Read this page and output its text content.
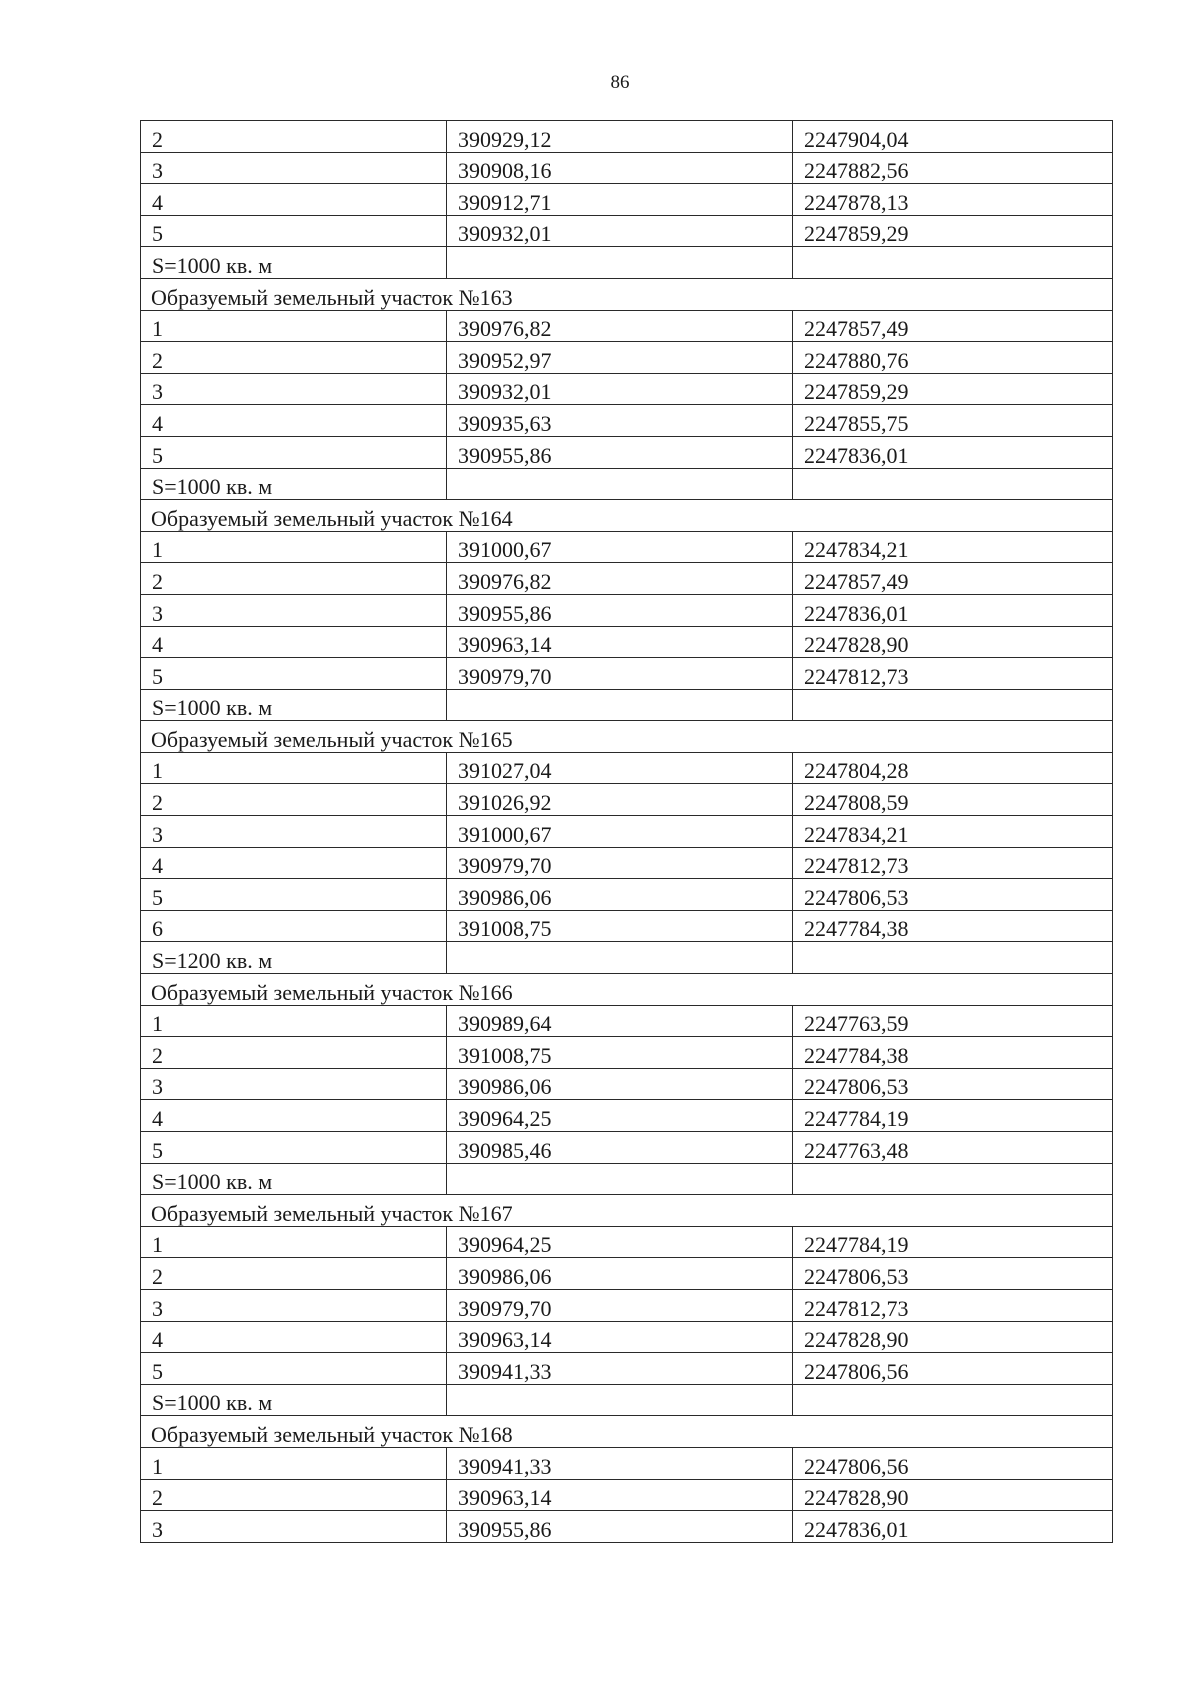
86
2	390929,12	2247904,04
3	390908,16	2247882,56
4	390912,71	2247878,13
5	390932,01	2247859,29
S=1000 кв. м		
Образуемый земельный участок №163		
1	390976,82	2247857,49
2	390952,97	2247880,76
3	390932,01	2247859,29
4	390935,63	2247855,75
5	390955,86	2247836,01
S=1000 кв. м		
Образуемый земельный участок №164		
1	391000,67	2247834,21
2	390976,82	2247857,49
3	390955,86	2247836,01
4	390963,14	2247828,90
5	390979,70	2247812,73
S=1000 кв. м		
Образуемый земельный участок №165		
1	391027,04	2247804,28
2	391026,92	2247808,59
3	391000,67	2247834,21
4	390979,70	2247812,73
5	390986,06	2247806,53
6	391008,75	2247784,38
S=1200 кв. м		
Образуемый земельный участок №166		
1	390989,64	2247763,59
2	391008,75	2247784,38
3	390986,06	2247806,53
4	390964,25	2247784,19
5	390985,46	2247763,48
S=1000 кв. м		
Образуемый земельный участок №167		
1	390964,25	2247784,19
2	390986,06	2247806,53
3	390979,70	2247812,73
4	390963,14	2247828,90
5	390941,33	2247806,56
S=1000 кв. м		
Образуемый земельный участок №168		
1	390941,33	2247806,56
2	390963,14	2247828,90
3	390955,86	2247836,01
